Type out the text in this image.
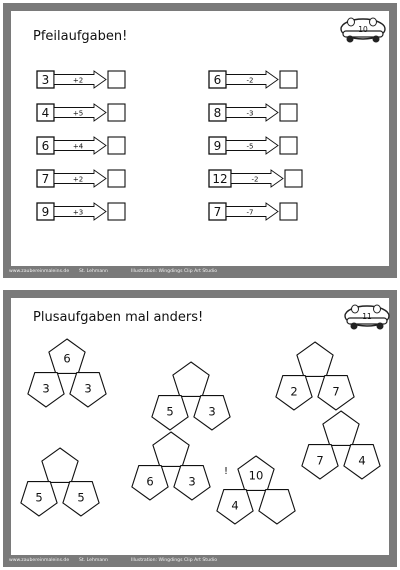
Pfeilaufgaben!	10
3	+2
4	+5
6	+4
7	+2
9	+3
6	-2
8	-3
9	-5
12	-2
7	-7
www.zaubereinmaleins.de St. Lehmann	Illustration: Wingdings Clip Art Studio
Plusaufgaben mal anders!	11
6
3	3
5	3
2	7
6	3
7	4
5	5
10
4
!
www.zaubereinmaleins.de St. Lehmann	Illustration: Wingdings Clip Art Studio
